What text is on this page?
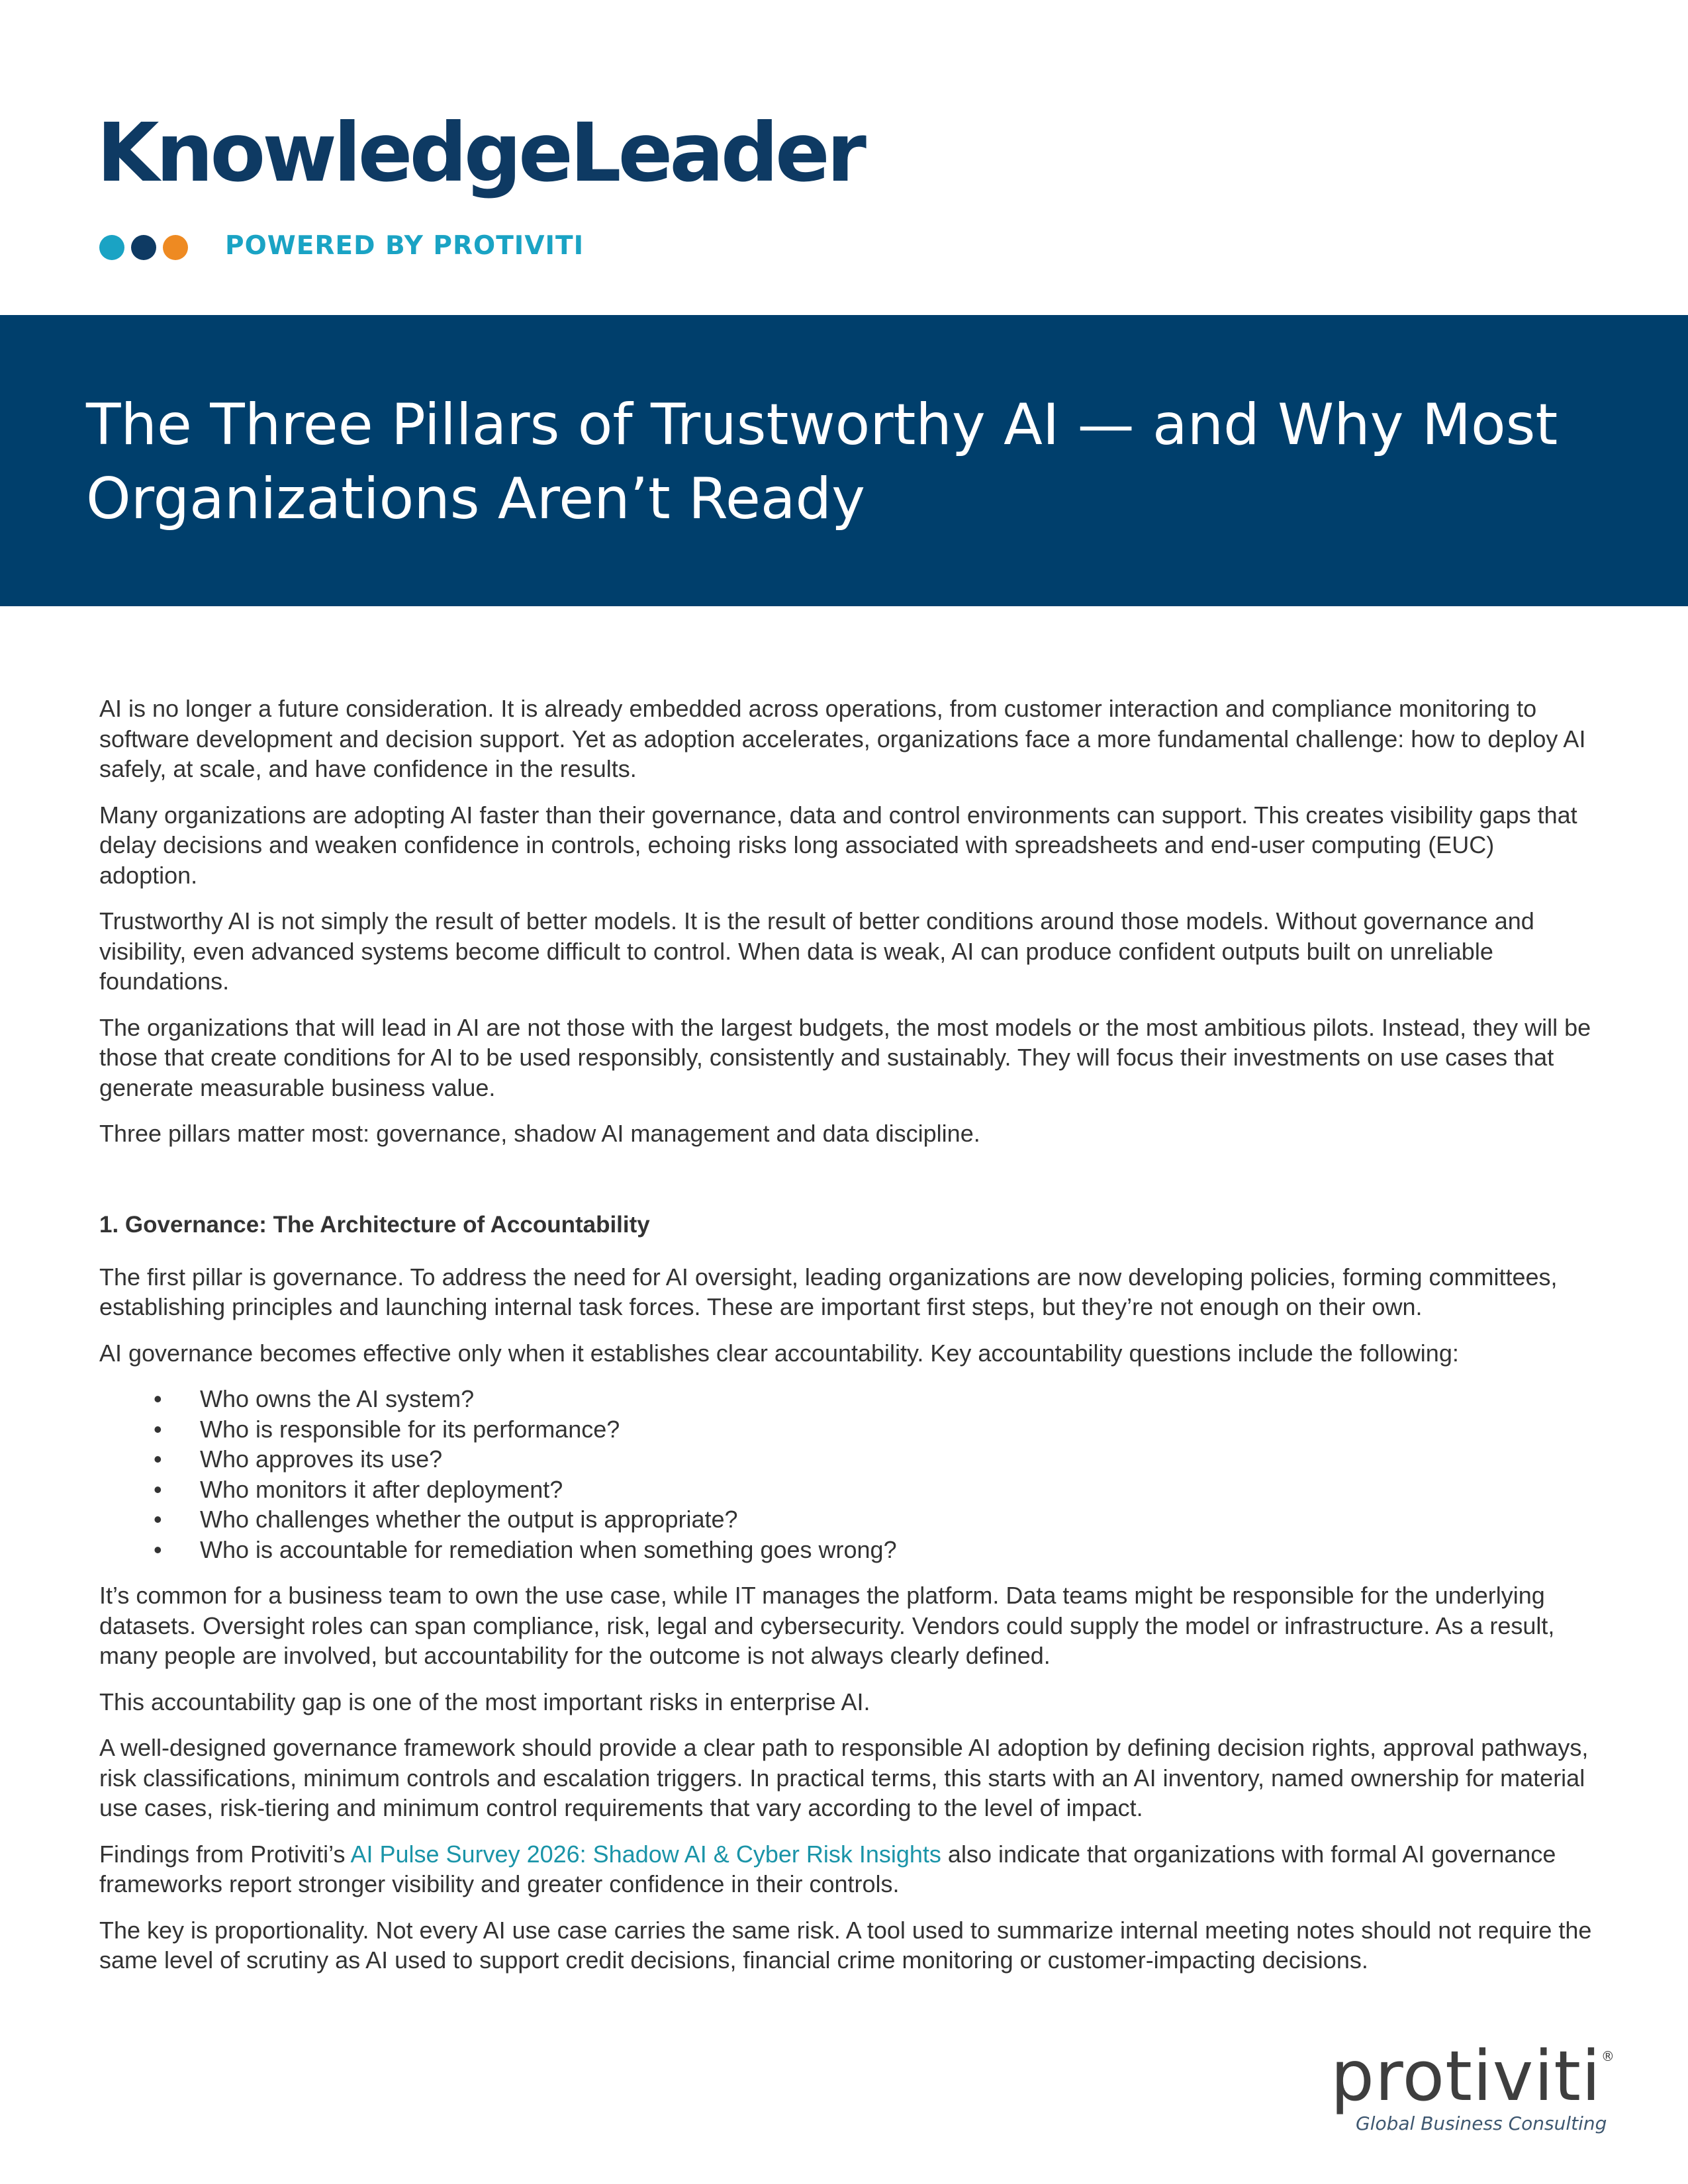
KnowledgeLeader
POWERED BY PROTIVITI
The Three Pillars of Trustworthy AI — and Why Most Organizations Aren’t Ready

AI is no longer a future consideration. It is already embedded across operations, from customer interaction and compliance monitoring to software development and decision support. Yet as adoption accelerates, organizations face a more fundamental challenge: how to deploy AI safely, at scale, and have confidence in the results.

Many organizations are adopting AI faster than their governance, data and control environments can support. This creates visibility gaps that delay decisions and weaken confidence in controls, echoing risks long associated with spreadsheets and end-user computing (EUC) adoption.

Trustworthy AI is not simply the result of better models. It is the result of better conditions around those models. Without governance and visibility, even advanced systems become difficult to control. When data is weak, AI can produce confident outputs built on unreliable foundations.

The organizations that will lead in AI are not those with the largest budgets, the most models or the most ambitious pilots. Instead, they will be those that create conditions for AI to be used responsibly, consistently and sustainably. They will focus their investments on use cases that generate measurable business value.

Three pillars matter most: governance, shadow AI management and data discipline.

1. Governance: The Architecture of Accountability

The first pillar is governance. To address the need for AI oversight, leading organizations are now developing policies, forming committees, establishing principles and launching internal task forces. These are important first steps, but they’re not enough on their own.

AI governance becomes effective only when it establishes clear accountability. Key accountability questions include the following:

• Who owns the AI system?
• Who is responsible for its performance?
• Who approves its use?
• Who monitors it after deployment?
• Who challenges whether the output is appropriate?
• Who is accountable for remediation when something goes wrong?

It’s common for a business team to own the use case, while IT manages the platform. Data teams might be responsible for the underlying datasets. Oversight roles can span compliance, risk, legal and cybersecurity. Vendors could supply the model or infrastructure. As a result, many people are involved, but accountability for the outcome is not always clearly defined.

This accountability gap is one of the most important risks in enterprise AI.

A well-designed governance framework should provide a clear path to responsible AI adoption by defining decision rights, approval pathways, risk classifications, minimum controls and escalation triggers. In practical terms, this starts with an AI inventory, named ownership for material use cases, risk-tiering and minimum control requirements that vary according to the level of impact.

Findings from Protiviti’s AI Pulse Survey 2026: Shadow AI & Cyber Risk Insights also indicate that organizations with formal AI governance frameworks report stronger visibility and greater confidence in their controls.

The key is proportionality. Not every AI use case carries the same risk. A tool used to summarize internal meeting notes should not require the same level of scrutiny as AI used to support credit decisions, financial crime monitoring or customer-impacting decisions.

protiviti®
Global Business Consulting
